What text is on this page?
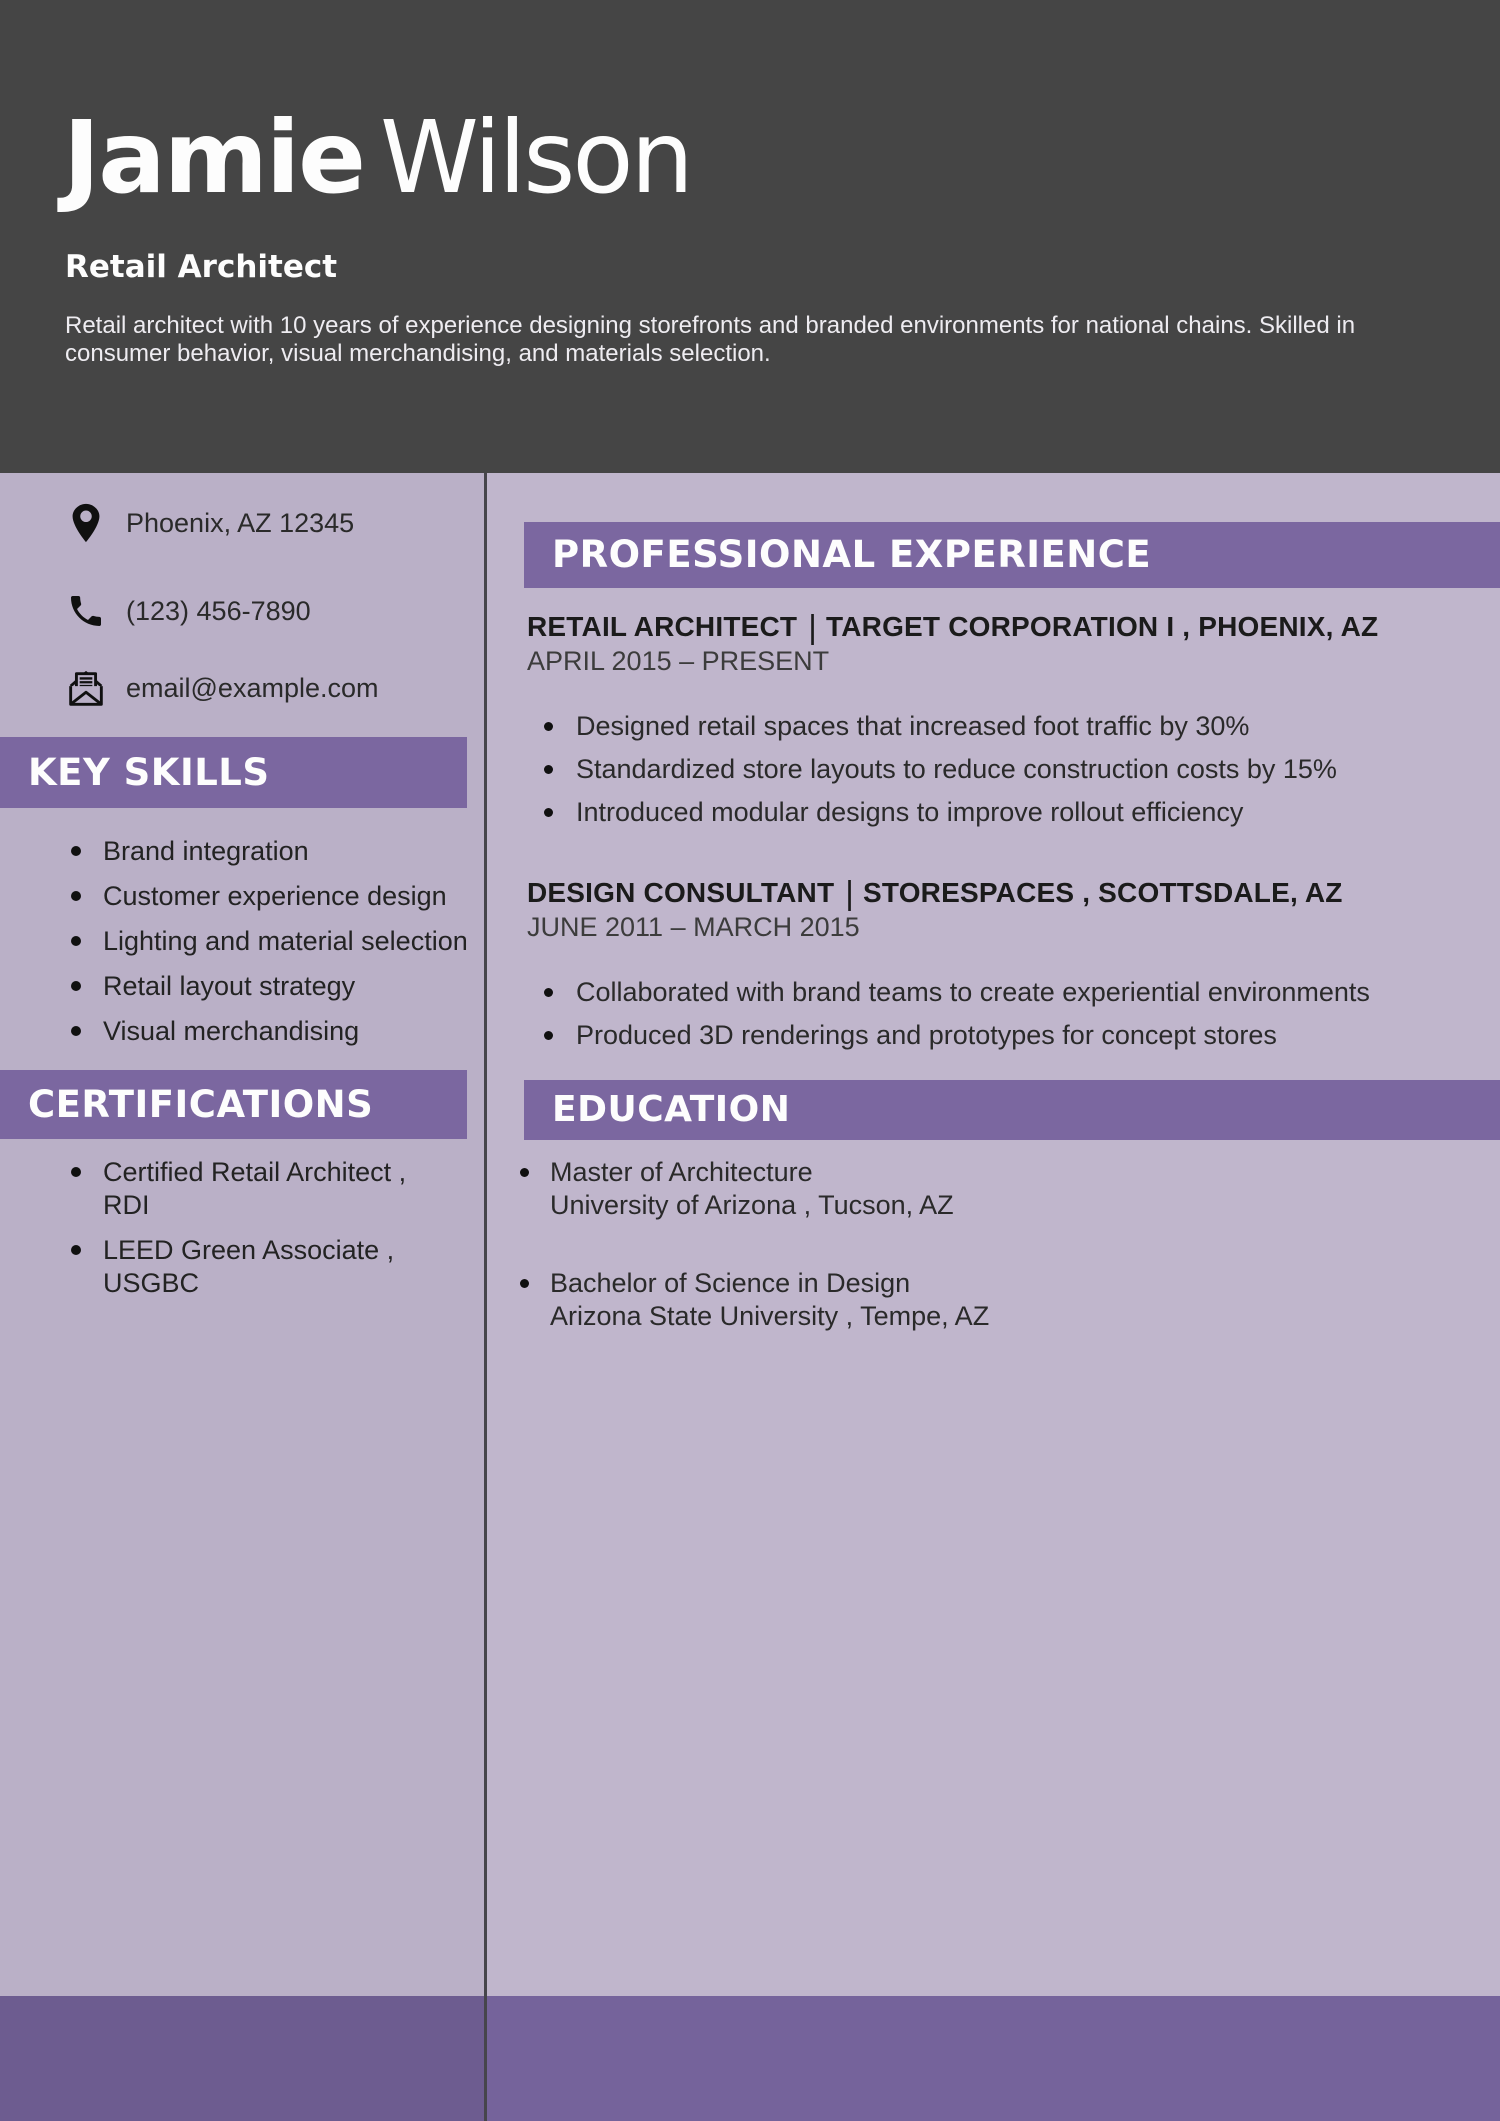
Jamie Wilson
Retail Architect

Retail architect with 10 years of experience designing storefronts and branded environments for national chains. Skilled in consumer behavior, visual merchandising, and materials selection.

Phoenix, AZ 12345
(123) 456-7890
email@example.com
KEY SKILLS
Brand integration
Customer experience design
Lighting and material selection
Retail layout strategy
Visual merchandising
CERTIFICATIONS
Certified Retail Architect , RDI
LEED Green Associate , USGBC
PROFESSIONAL EXPERIENCE
RETAIL ARCHITECT | TARGET CORPORATION I , PHOENIX, AZ
APRIL 2015 – PRESENT
Designed retail spaces that increased foot traffic by 30%
Standardized store layouts to reduce construction costs by 15%
Introduced modular designs to improve rollout efficiency
DESIGN CONSULTANT | STORESPACES , SCOTTSDALE, AZ
JUNE 2011 – MARCH 2015
Collaborated with brand teams to create experiential environments
Produced 3D renderings and prototypes for concept stores
EDUCATION
Master of Architecture
University of Arizona , Tucson, AZ
Bachelor of Science in Design
Arizona State University , Tempe, AZ
